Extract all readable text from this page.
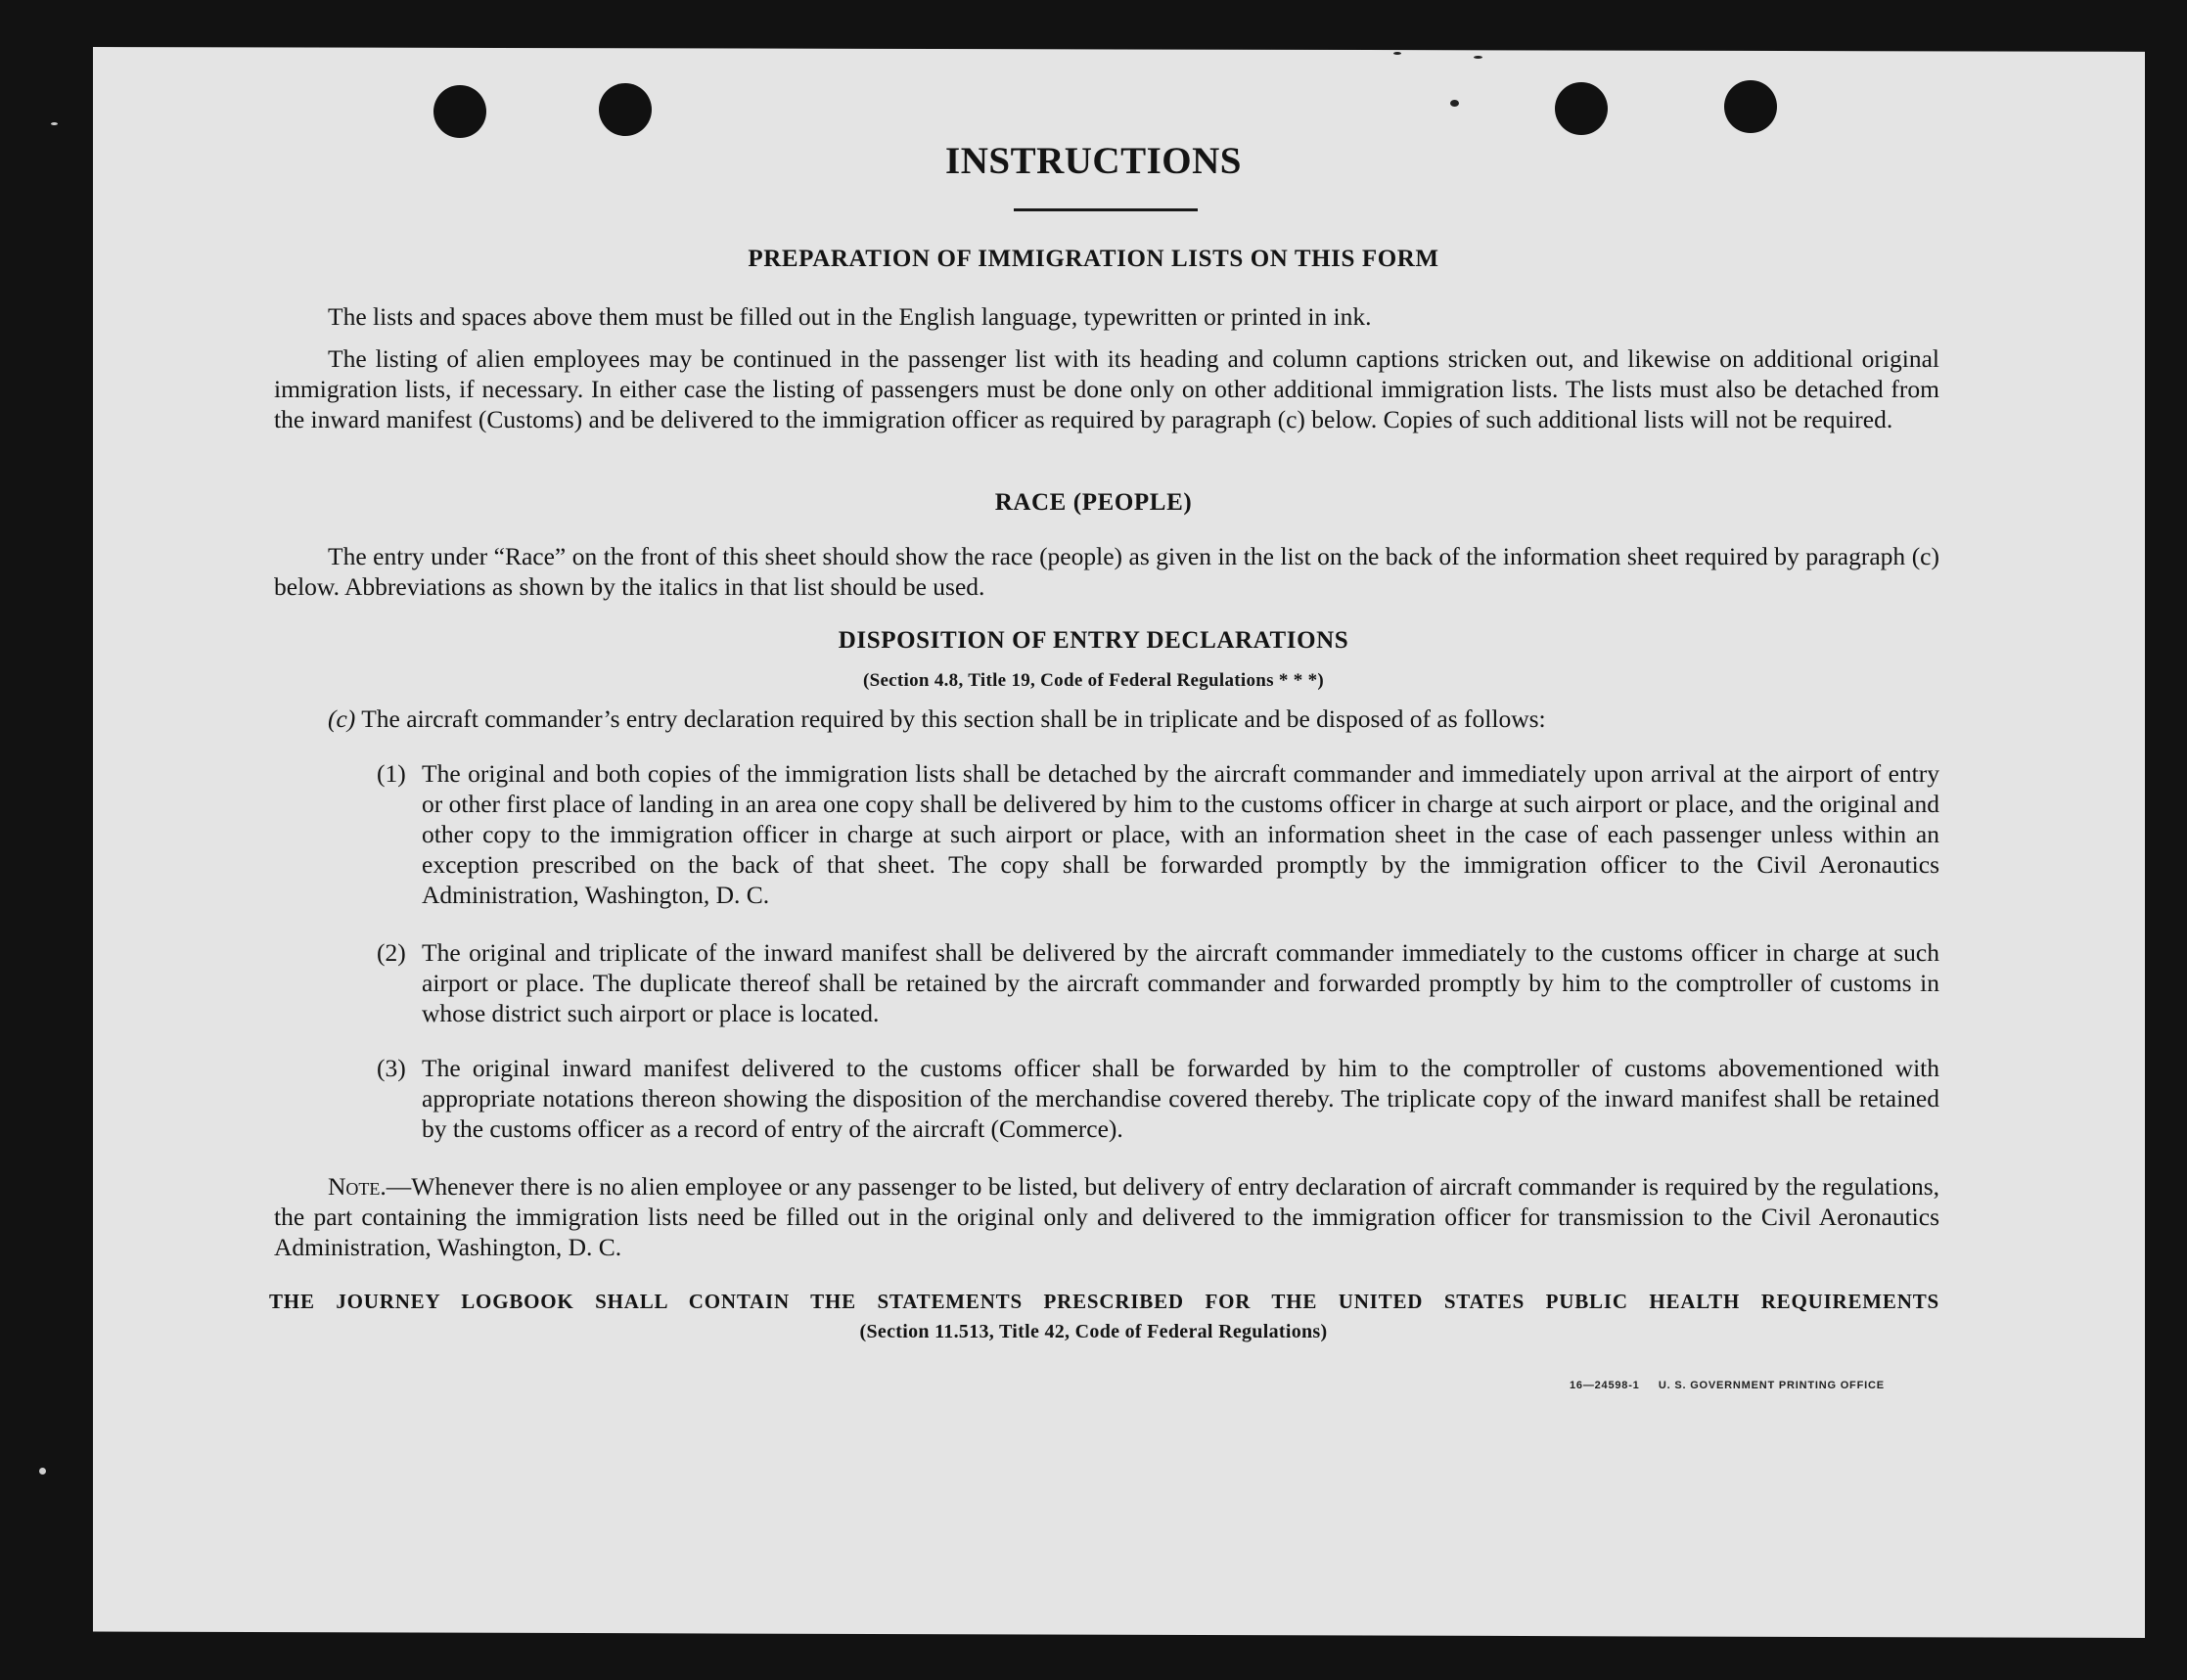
INSTRUCTIONS
PREPARATION OF IMMIGRATION LISTS ON THIS FORM

The lists and spaces above them must be filled out in the English language, typewritten or printed in ink.

The listing of alien employees may be continued in the passenger list with its heading and column captions stricken out, and likewise on additional original immigration lists, if necessary. In either case the listing of passengers must be done only on other additional immigration lists. The lists must also be detached from the inward manifest (Customs) and be delivered to the immigration officer as required by paragraph (c) below. Copies of such additional lists will not be required.

RACE (PEOPLE)

The entry under “Race” on the front of this sheet should show the race (people) as given in the list on the back of the information sheet required by paragraph (c) below. Abbreviations as shown by the italics in that list should be used.

DISPOSITION OF ENTRY DECLARATIONS
(Section 4.8, Title 19, Code of Federal Regulations * * *)

(c) The aircraft commander’s entry declaration required by this section shall be in triplicate and be disposed of as follows:

(1) The original and both copies of the immigration lists shall be detached by the aircraft commander and immediately upon arrival at the airport of entry or other first place of landing in an area one copy shall be delivered by him to the customs officer in charge at such airport or place, and the original and other copy to the immigration officer in charge at such airport or place, with an information sheet in the case of each passenger unless within an exception prescribed on the back of that sheet. The copy shall be forwarded promptly by the immigration officer to the Civil Aeronautics Administration, Washington, D. C.
(2) The original and triplicate of the inward manifest shall be delivered by the aircraft commander immediately to the customs officer in charge at such airport or place. The duplicate thereof shall be retained by the aircraft commander and forwarded promptly by him to the comptroller of customs in whose district such airport or place is located.
(3) The original inward manifest delivered to the customs officer shall be forwarded by him to the comptroller of customs abovementioned with appropriate notations thereon showing the disposition of the merchandise covered thereby. The triplicate copy of the inward manifest shall be retained by the customs officer as a record of entry of the aircraft (Commerce).

Note.—Whenever there is no alien employee or any passenger to be listed, but delivery of entry declaration of aircraft commander is required by the regulations, the part containing the immigration lists need be filled out in the original only and delivered to the immigration officer for transmission to the Civil Aeronautics Administration, Washington, D. C.

THE JOURNEY LOGBOOK SHALL CONTAIN THE STATEMENTS PRESCRIBED FOR THE UNITED STATES PUBLIC HEALTH REQUIREMENTS
(Section 11.513, Title 42, Code of Federal Regulations)
16—24598-1 U. S. GOVERNMENT PRINTING OFFICE
